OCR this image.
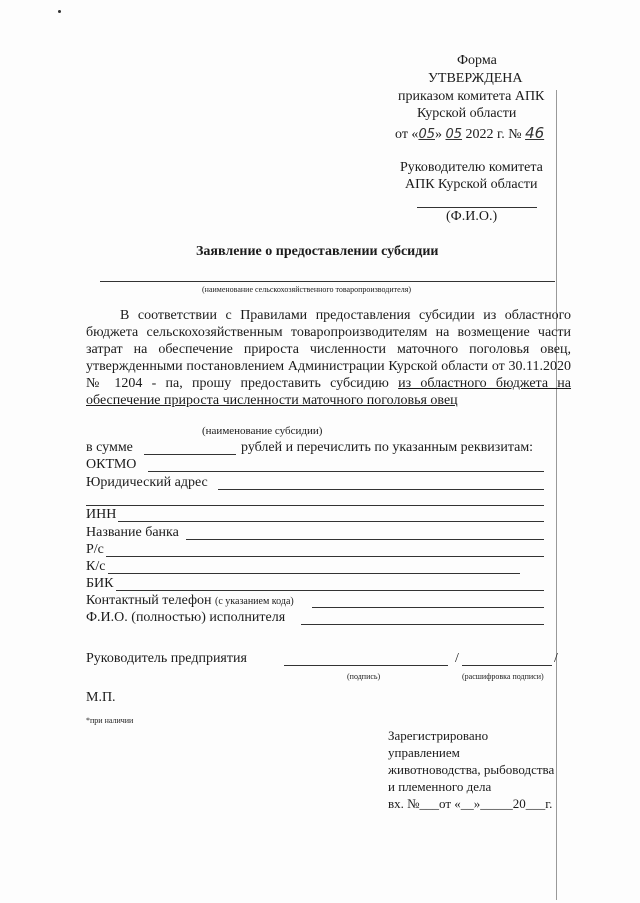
Форма
УТВЕРЖДЕНА
приказом комитета АПК
Курской области
от «05» 05 2022 г. № 46
Руководителю комитета
АПК Курской области
(Ф.И.О.)
Заявление о предоставлении субсидии
(наименование сельскохозяйственного товаропроизводителя)
В соответствии с Правилами предоставления субсидии из областного бюджета сельскохозяйственным товаропроизводителям на возмещение части затрат на обеспечение прироста численности маточного поголовья овец, утвержденными постановлением Администрации Курской области от 30.11.2020 № 1204 - па, прошу предоставить субсидию из областного бюджета на обеспечение прироста численности маточного поголовья овец
(наименование субсидии)
в сумме	рублей и перечислить по указанным реквизитам:
ОКТМО
Юридический адрес
ИНН
Название банка
Р/с
К/с
БИК
Контактный телефон (с указанием кода)
Ф.И.О. (полностью) исполнителя
Руководитель предприятия	/	/
(подпись)	(расшифровка подписи)
М.П.
*при наличии
Зарегистрировано
управлением
животноводства, рыбоводства
и племенного дела
вх. №___от «__»_____20___г.
